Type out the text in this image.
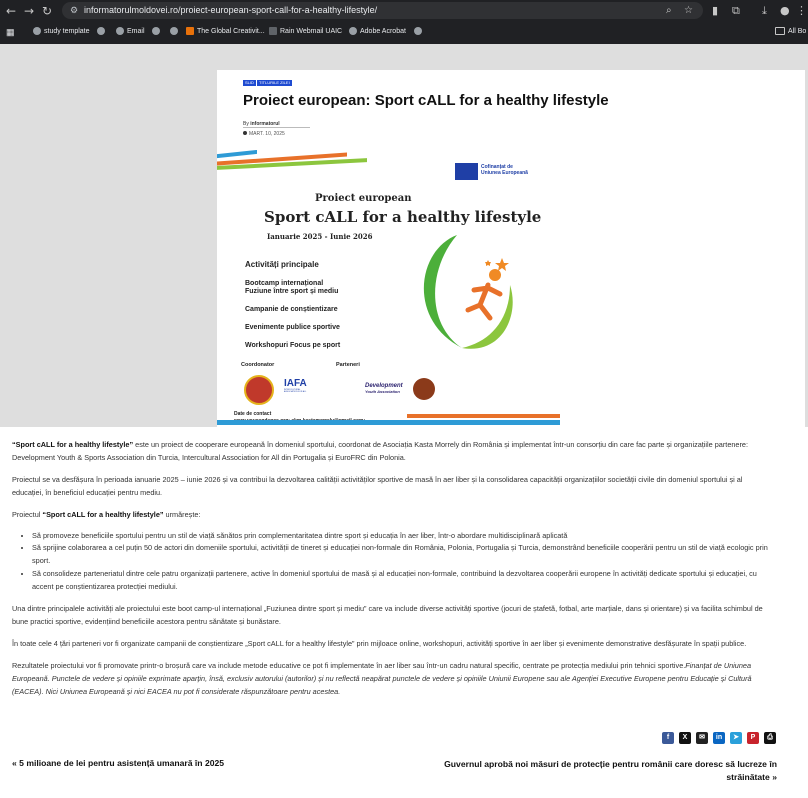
← → ↻ ⚙ informatorulmoldovei.ro/proiect-european-sport-call-for-a-healthy-lifestyle/	⌕ ☆ ▮ ⧉ ⤓ ● ⋮
▦	study template	Email	The Global Creativit...	Rain Webmail UAIC	Adobe Acrobat	All Bo
SLID	TITLURILE ZILEI
Proiect european: Sport cALL for a healthy lifestyle
By informatorul
MART. 10, 2025
Cofinanțat de
Uniunea Europeană
Proiect european
Sport cALL for a healthy lifestyle
Ianuarie 2025 - Iunie 2026
Activități principale
Bootcamp internațional
Fuziune între sport și mediu
Campanie de conștientizare
Evenimente publice sportive
Workshopuri Focus pe sport
Coordonator	Parteneri
IAFA
INTERCULTURAL ASSOCIATION FOR ALL
Development
Youth Association
Date de contact

“Sport cALL for a healthy lifestyle” este un proiect de cooperare europeană în domeniul sportului, coordonat de Asociația Kasta Morrely din România și implementat într-un consorțiu din care fac parte și organizațiile partenere: Development Youth & Sports Association din Turcia, Intercultural Association for All din Portugalia și EuroFRC din Polonia.

Proiectul se va desfășura în perioada ianuarie 2025 – iunie 2026 și va contribui la dezvoltarea calității activităților sportive de masă în aer liber și la consolidarea capacității organizațiilor societății civile din domeniul sportului și al educației, în beneficiul educației pentru mediu.

Proiectul “Sport cALL for a healthy lifestyle” urmărește:

• Să promoveze beneficiile sportului pentru un stil de viață sănătos prin complementaritatea dintre sport și educația în aer liber, într-o abordare multidisciplinară aplicată
• Să sprijine colaborarea a cel puțin 50 de actori din domeniile sportului, activității de tineret și educației non-formale din România, Polonia, Portugalia și Turcia, demonstrând beneficiile cooperării pentru un stil de viață ecologic prin sport.
• Să consolideze parteneriatul dintre cele patru organizații partenere, active în domeniul sportului de masă și al educației non-formale, contribuind la dezvoltarea cooperării europene în activități dedicate sportului și educației, cu accent pe conștientizarea protecției mediului.

Una dintre principalele activități ale proiectului este boot camp-ul internațional „Fuziunea dintre sport și mediu” care va include diverse activități sportive (jocuri de ștafetă, fotbal, arte marțiale, dans și orientare) și va facilita schimbul de bune practici sportive, evidențiind beneficiile acestora pentru sănătate și bunăstare.

În toate cele 4 țări parteneri vor fi organizate campanii de conștientizare „Sport cALL for a healthy lifestyle” prin mijloace online, workshopuri, activități sportive în aer liber și evenimente demonstrative desfășurate în spații publice.

Rezultatele proiectului vor fi promovate printr-o broșură care va include metode educative ce pot fi implementate în aer liber sau într-un cadru natural specific, centrate pe protecția mediului prin tehnici sportive.Finanțat de Uniunea Europeană. Punctele de vedere și opiniile exprimate aparțin, însă, exclusiv autorului (autorilor) și nu reflectă neapărat punctele de vedere și opiniile Uniunii Europene sau ale Agenției Executive Europene pentru Educație și Cultură (EACEA). Nici Uniunea Europeană și nici EACEA nu pot fi considerate răspunzătoare pentru acestea.

f	X	✉	in	➤	P	⎙
« 5 milioane de lei pentru asistență umanară în 2025	Guvernul aprobă noi măsuri de protecție pentru românii care doresc să lucreze în străinătate »
